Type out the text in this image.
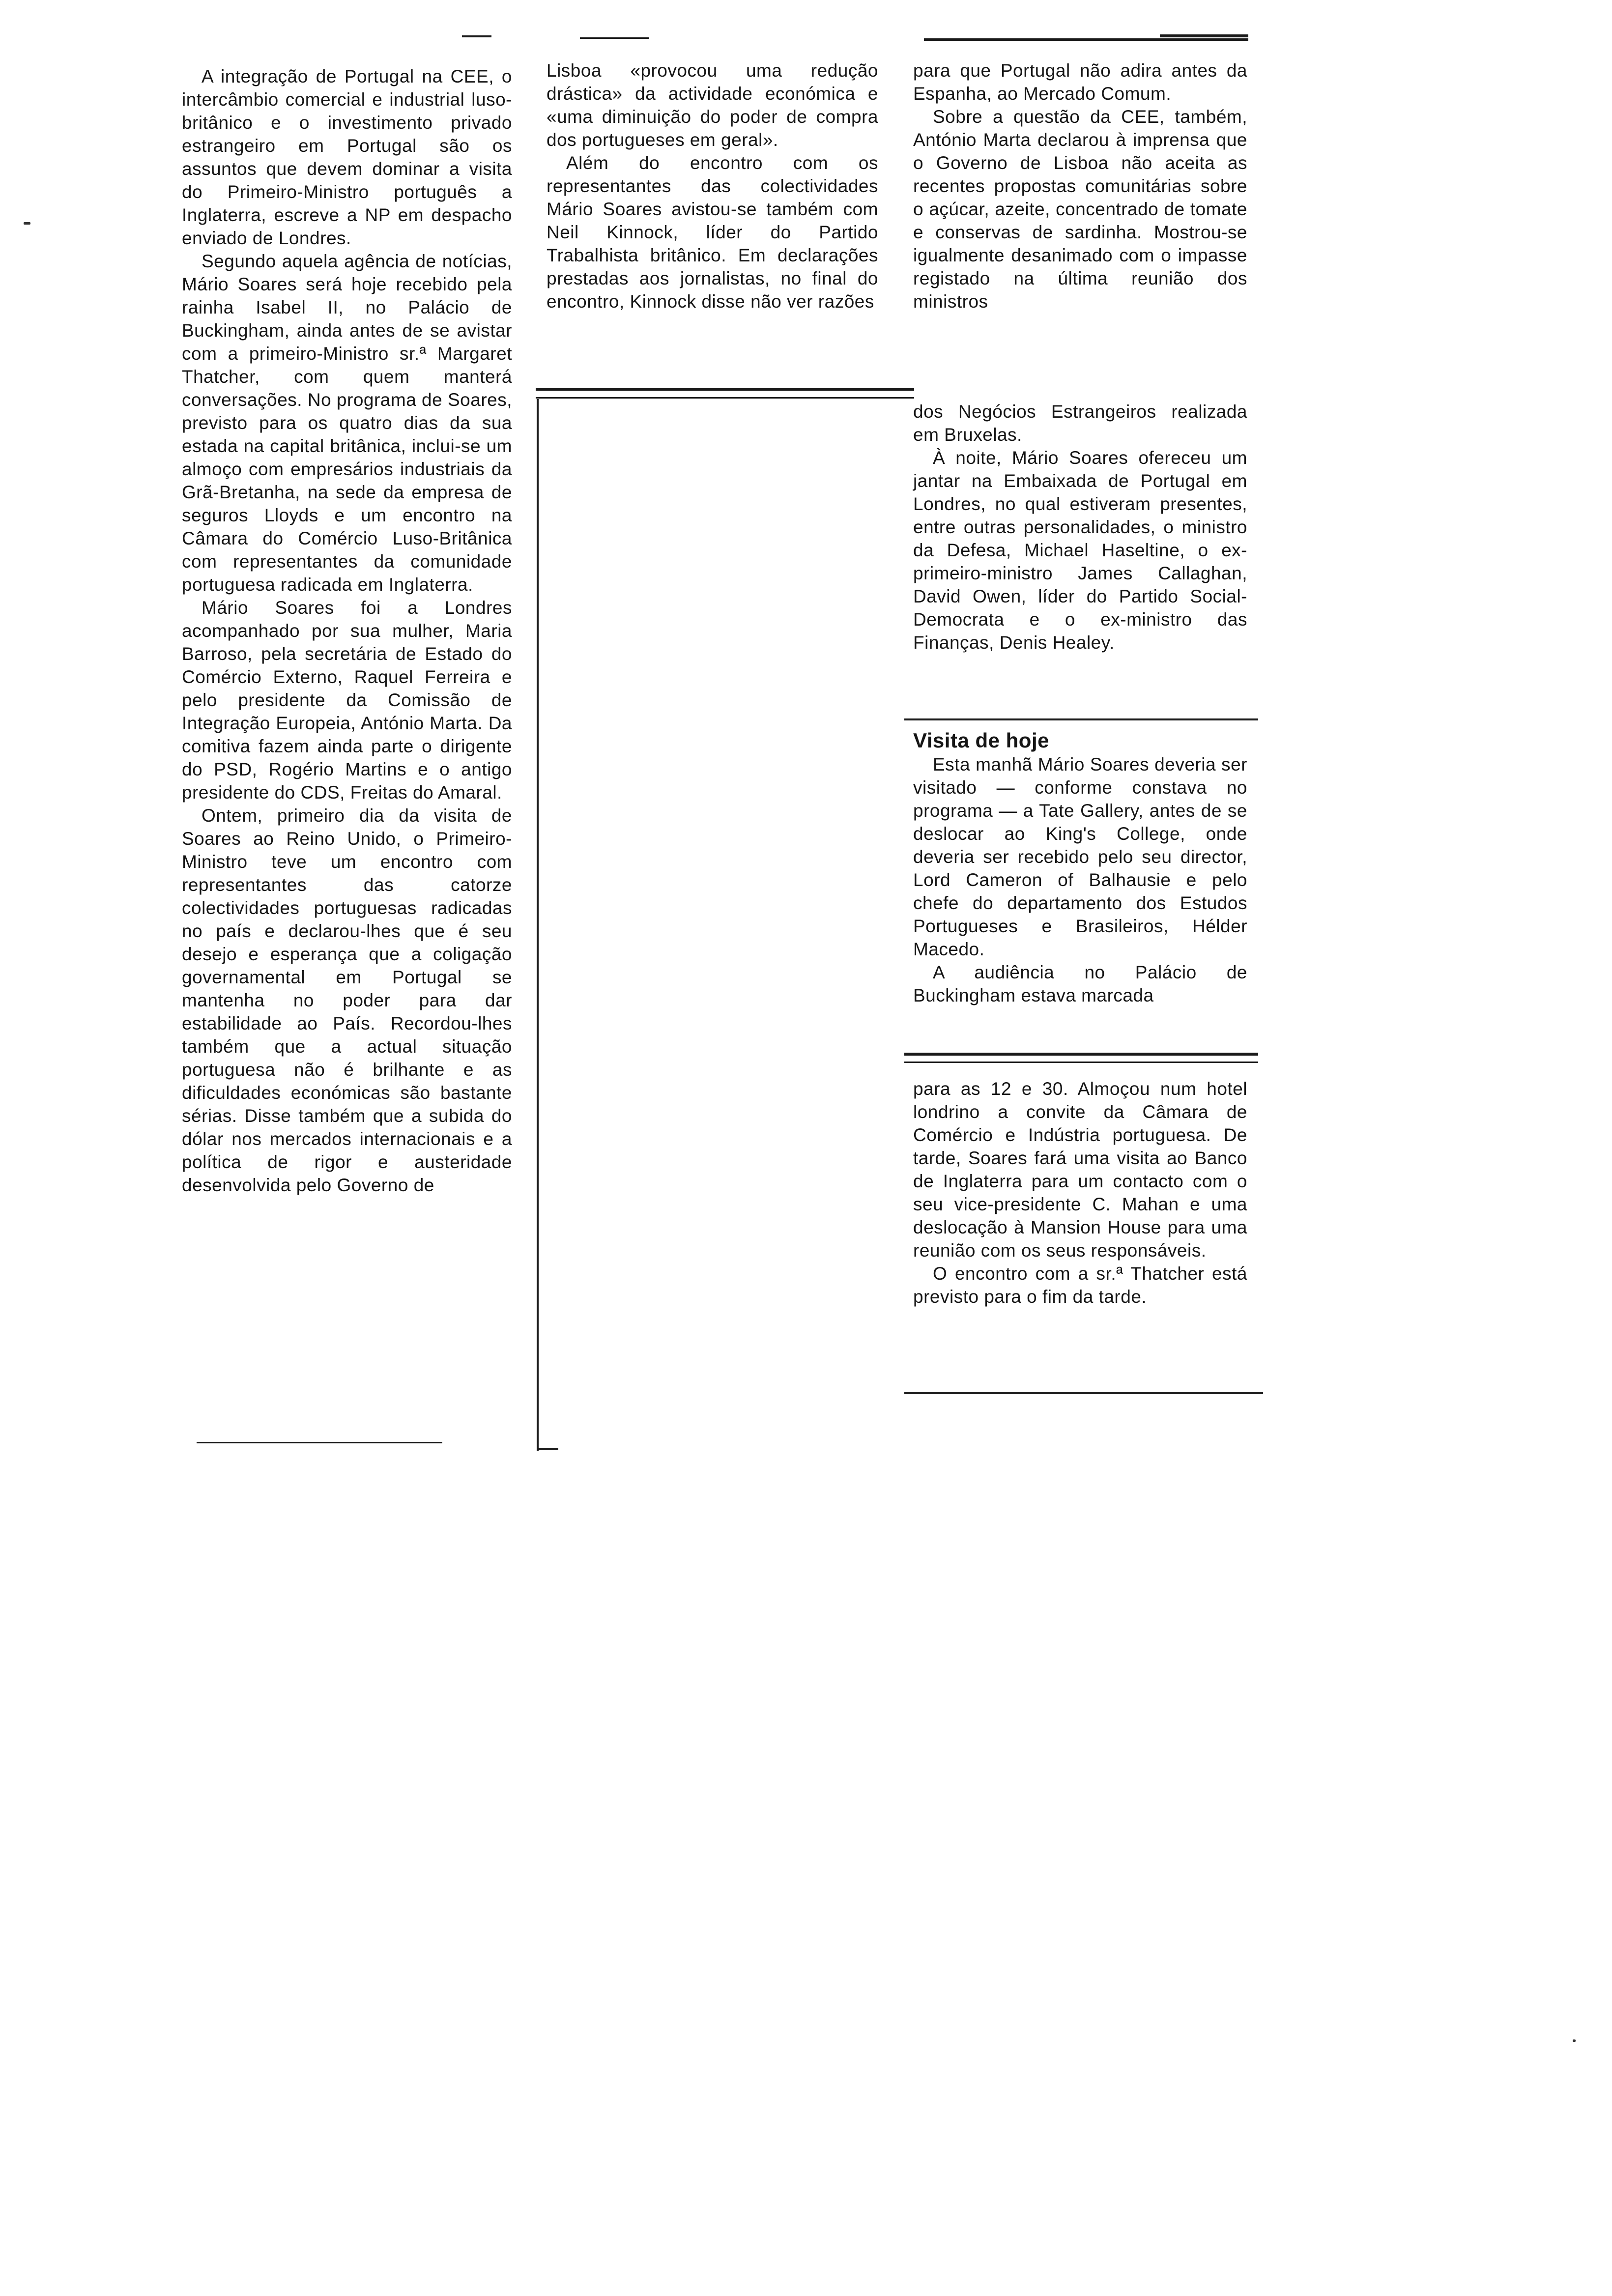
A integração de Portugal na CEE, o intercâmbio comercial e industrial luso-britânico e o investimento privado estrangeiro em Portugal são os assuntos que devem dominar a visita do Primeiro-Ministro português a Inglaterra, escreve a NP em despacho enviado de Londres.

Segundo aquela agência de notícias, Mário Soares será hoje recebido pela rainha Isabel II, no Palácio de Buckingham, ainda antes de se avistar com a primeiro-Ministro sr.ª Margaret Thatcher, com quem manterá conversações. No programa de Soares, previsto para os quatro dias da sua estada na capital britânica, inclui-se um almoço com empresários industriais da Grã-Bretanha, na sede da empresa de seguros Lloyds e um encontro na Câmara do Comércio Luso-Britânica com representantes da comunidade portuguesa radicada em Inglaterra.

Mário Soares foi a Londres acompanhado por sua mulher, Maria Barroso, pela secretária de Estado do Comércio Externo, Raquel Ferreira e pelo presidente da Comissão de Integração Europeia, António Marta. Da comitiva fazem ainda parte o dirigente do PSD, Rogério Martins e o antigo presidente do CDS, Freitas do Amaral.

Ontem, primeiro dia da visita de Soares ao Reino Unido, o Primeiro-Ministro teve um encontro com representantes das catorze colectividades portuguesas radicadas no país e declarou-lhes que é seu desejo e esperança que a coligação governamental em Portugal se mantenha no poder para dar estabilidade ao País. Recordou-lhes também que a actual situação portuguesa não é brilhante e as dificuldades económicas são bastante sérias. Disse também que a subida do dólar nos mercados internacionais e a política de rigor e austeridade desenvolvida pelo Governo de

Lisboa «provocou uma redução drástica» da actividade económica e «uma diminuição do poder de compra dos portugueses em geral».

Além do encontro com os representantes das colectividades Mário Soares avistou-se também com Neil Kinnock, líder do Partido Trabalhista britânico. Em declarações prestadas aos jornalistas, no final do encontro, Kinnock disse não ver razões

para que Portugal não adira antes da Espanha, ao Mercado Comum.

Sobre a questão da CEE, também, António Marta declarou à imprensa que o Governo de Lisboa não aceita as recentes propostas comunitárias sobre o açúcar, azeite, concentrado de tomate e conservas de sardinha. Mostrou-se igualmente desanimado com o impasse registado na última reunião dos ministros

dos Negócios Estrangeiros realizada em Bruxelas.

À noite, Mário Soares ofereceu um jantar na Embaixada de Portugal em Londres, no qual estiveram presentes, entre outras personalidades, o ministro da Defesa, Michael Haseltine, o ex-primeiro-ministro James Callaghan, David Owen, líder do Partido Social-Democrata e o ex-ministro das Finanças, Denis Healey.

Visita de hoje

Esta manhã Mário Soares deveria ser visitado — conforme constava no programa — a Tate Gallery, antes de se deslocar ao King's College, onde deveria ser recebido pelo seu director, Lord Cameron of Balhausie e pelo chefe do departamento dos Estudos Portugueses e Brasileiros, Hélder Macedo.

A audiência no Palácio de Buckingham estava marcada

para as 12 e 30. Almoçou num hotel londrino a convite da Câmara de Comércio e Indústria portuguesa. De tarde, Soares fará uma visita ao Banco de Inglaterra para um contacto com o seu vice-presidente C. Mahan e uma deslocação à Mansion House para uma reunião com os seus responsáveis.

O encontro com a sr.ª Thatcher está previsto para o fim da tarde.
